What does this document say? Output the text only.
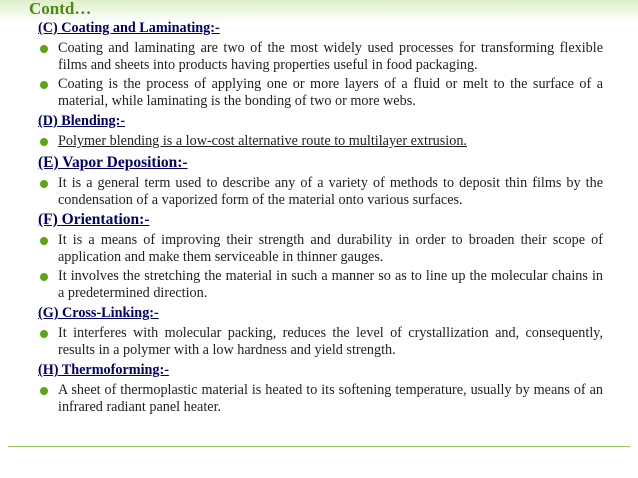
Contd…
(C) Coating and Laminating:-
Coating and laminating are two of the most widely used processes for transforming flexible films and sheets into products having properties useful in food packaging.
Coating is the process of applying one or more layers of a fluid or melt to the surface of a material, while laminating is the bonding of two or more webs.
(D) Blending:-
Polymer blending is a low-cost alternative route to multilayer extrusion.
(E) Vapor Deposition:-
It is a general term used to describe any of a variety of methods to deposit thin films by the condensation of a vaporized form of the material onto various surfaces.
(F) Orientation:-
It is a means of improving their strength and durability in order to broaden their scope of application and make them serviceable in thinner gauges.
It involves the stretching the material in such a manner so as to line up the molecular chains in a predetermined direction.
(G) Cross-Linking:-
It interferes with molecular packing, reduces the level of crystallization and, consequently, results in a polymer with a low hardness and yield strength.
(H) Thermoforming:-
A sheet of thermoplastic material is heated to its softening temperature, usually by means of an infrared radiant panel heater.
